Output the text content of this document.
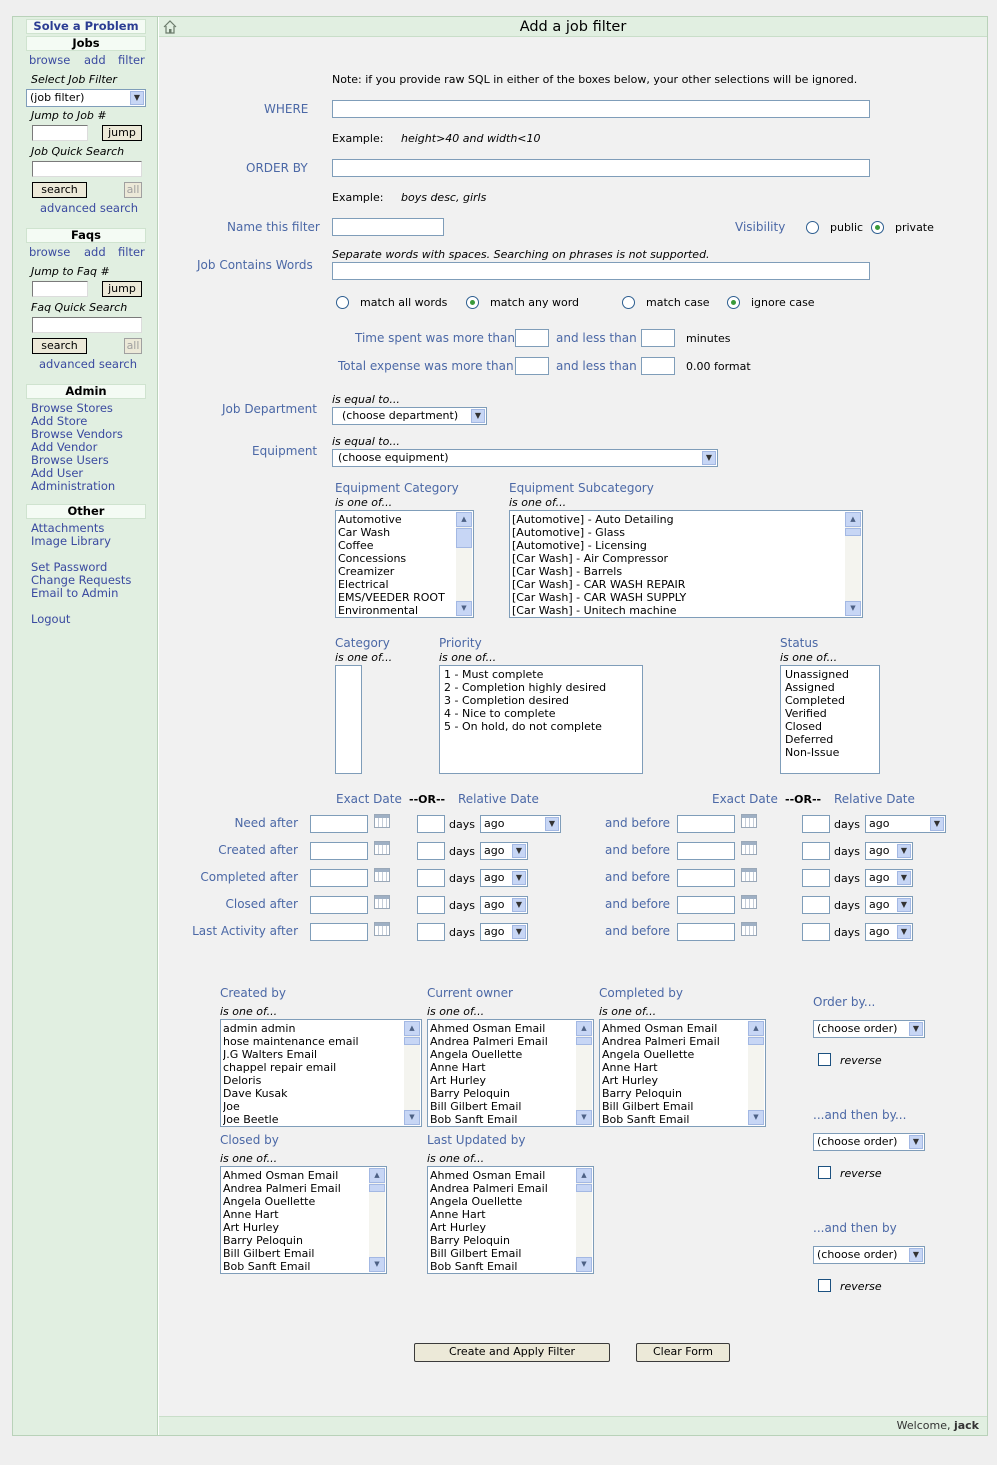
Solve a Problem
Jobs
browse add filter
Select Job Filter
(job filter)	▼
Jump to Job #
jump
Job Quick Search
search	all
advanced search
Faqs
browse add filter
Jump to Faq #
jump
Faq Quick Search
search	all
advanced search
Admin
Browse Stores
Add Store
Browse Vendors
Add Vendor
Browse Users
Add User
Administration
Other
Attachments
Image Library
Set Password
Change Requests
Email to Admin
Logout
Add a job filter
Note: if you provide raw SQL in either of the boxes below, your other selections will be ignored.
WHERE
Example: height>40 and width<10
ORDER BY
Example: boys desc, girls
Name this filter	Visibility	public	private
Job Contains Words
Separate words with spaces. Searching on phrases is not supported.
match all words	match any word	match case	ignore case
Time spent was more than	and less than	minutes
Total expense was more than	and less than	0.00 format
Job Department
is equal to...
(choose department)	▼
Equipment
is equal to...
(choose equipment)	▼
Equipment Category
is one of...
Automotive
Car Wash
Coffee
Concessions
Creamizer
Electrical
EMS/VEEDER ROOT
Environmental
▲
▼
Equipment Subcategory
is one of...
[Automotive] - Auto Detailing
[Automotive] - Glass
[Automotive] - Licensing
[Car Wash] - Air Compressor
[Car Wash] - Barrels
[Car Wash] - CAR WASH REPAIR
[Car Wash] - CAR WASH SUPPLY
[Car Wash] - Unitech machine
▲
▼
Category
is one of...
Priority
is one of...
1 - Must complete
2 - Completion highly desired
3 - Completion desired
4 - Nice to complete
5 - On hold, do not complete
Status
is one of...
Unassigned
Assigned
Completed
Verified
Closed
Deferred
Non-Issue
Exact Date --OR-- Relative Date	Exact Date --OR-- Relative Date
Need after	days ago	▼	and before	days ago	▼
Created after	days ago	▼	and before	days ago	▼
Completed after	days ago	▼	and before	days ago	▼
Closed after	days ago	▼	and before	days ago	▼
Last Activity after	days ago	▼	and before	days ago	▼
Created by
is one of...
admin admin
hose maintenance email
J.G Walters Email
chappel repair email
Deloris
Dave Kusak
Joe
Joe Beetle
▲
▼
Current owner
is one of...
Ahmed Osman Email
Andrea Palmeri Email
Angela Ouellette
Anne Hart
Art Hurley
Barry Peloquin
Bill Gilbert Email
Bob Sanft Email
▲
▼
Completed by
is one of...
Ahmed Osman Email
Andrea Palmeri Email
Angela Ouellette
Anne Hart
Art Hurley
Barry Peloquin
Bill Gilbert Email
Bob Sanft Email
▲
▼
Closed by
is one of...
Ahmed Osman Email
Andrea Palmeri Email
Angela Ouellette
Anne Hart
Art Hurley
Barry Peloquin
Bill Gilbert Email
Bob Sanft Email
▲
▼
Last Updated by
is one of...
Ahmed Osman Email
Andrea Palmeri Email
Angela Ouellette
Anne Hart
Art Hurley
Barry Peloquin
Bill Gilbert Email
Bob Sanft Email
▲
▼
Order by...
(choose order)	▼
reverse
...and then by...
(choose order)	▼
reverse
...and then by
(choose order)	▼
reverse
Create and Apply Filter	Clear Form
Welcome, jack
